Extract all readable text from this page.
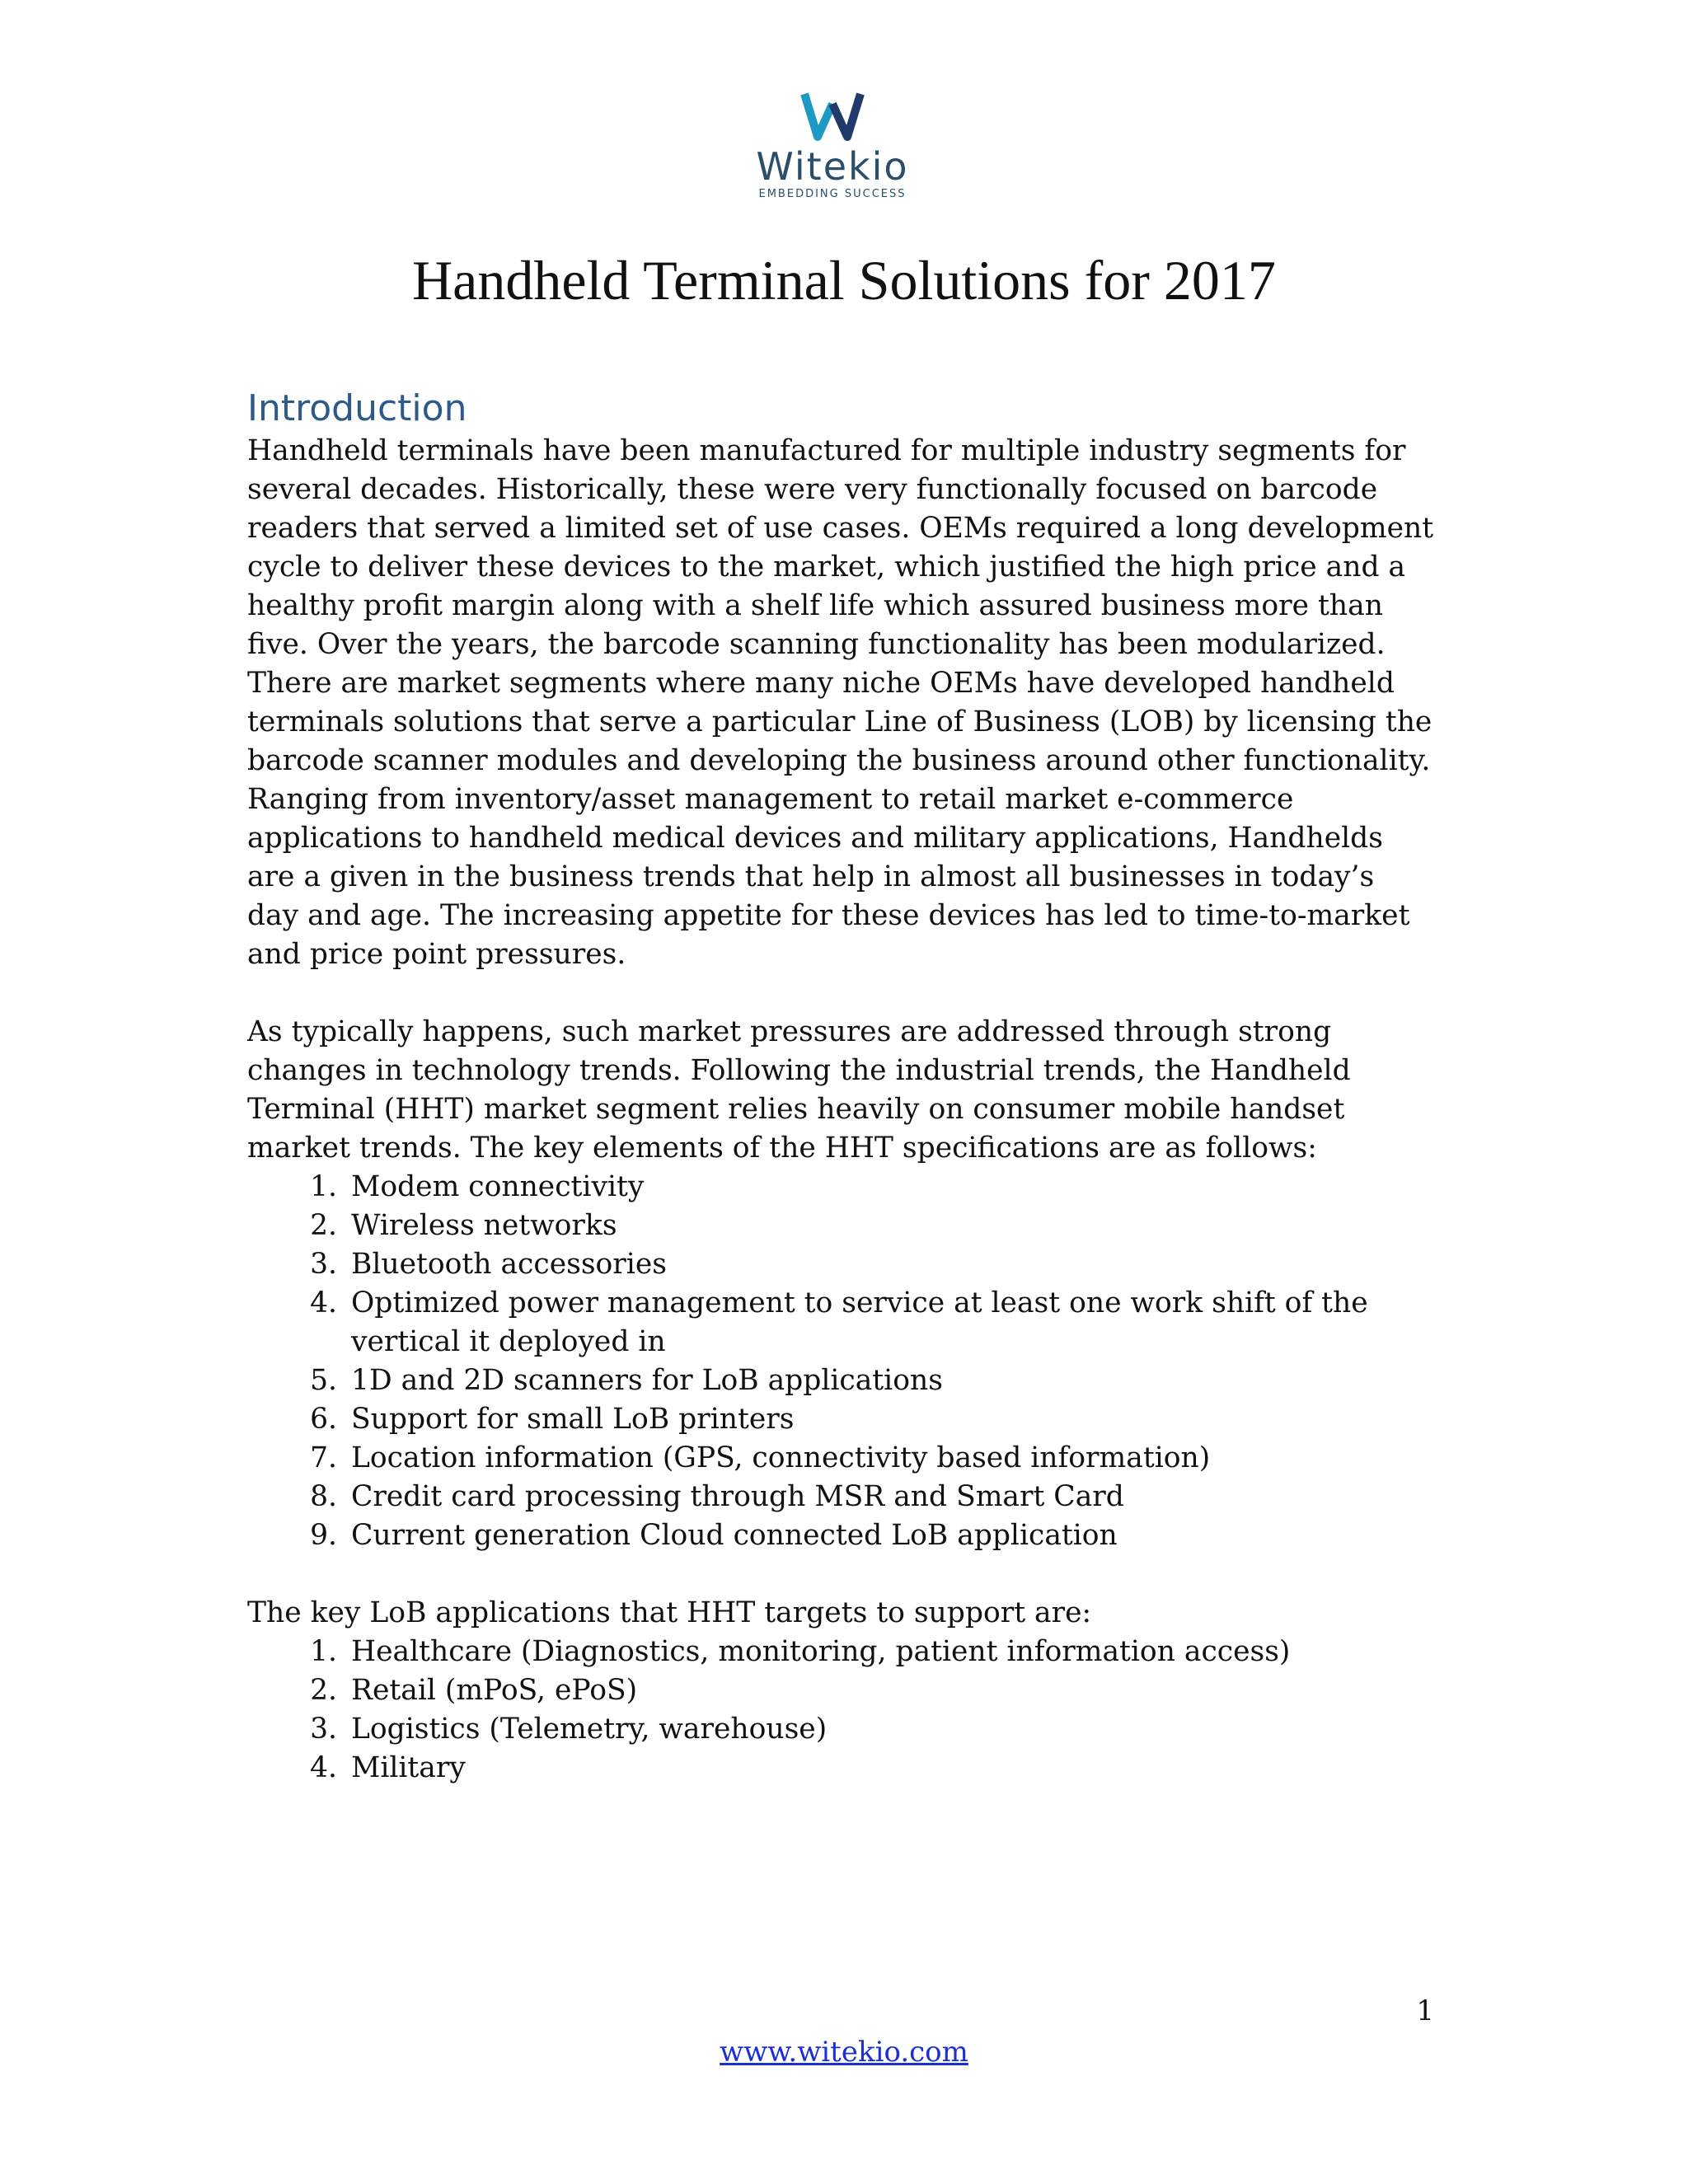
Witekio
EMBEDDING SUCCESS
Handheld Terminal Solutions for 2017
Introduction

Handheld terminals have been manufactured for multiple industry segments for several decades. Historically, these were very functionally focused on barcode readers that served a limited set of use cases. OEMs required a long development cycle to deliver these devices to the market, which justified the high price and a healthy profit margin along with a shelf life which assured business more than five. Over the years, the barcode scanning functionality has been modularized. There are market segments where many niche OEMs have developed handheld terminals solutions that serve a particular Line of Business (LOB) by licensing the barcode scanner modules and developing the business around other functionality. Ranging from inventory/asset management to retail market e-commerce applications to handheld medical devices and military applications, Handhelds are a given in the business trends that help in almost all businesses in today’s day and age. The increasing appetite for these devices has led to time-to-market and price point pressures.

As typically happens, such market pressures are addressed through strong changes in technology trends. Following the industrial trends, the Handheld Terminal (HHT) market segment relies heavily on consumer mobile handset market trends. The key elements of the HHT specifications are as follows:

1. Modem connectivity
2. Wireless networks
3. Bluetooth accessories
4. Optimized power management to service at least one work shift of the vertical it deployed in
5. 1D and 2D scanners for LoB applications
6. Support for small LoB printers
7. Location information (GPS, connectivity based information)
8. Credit card processing through MSR and Smart Card
9. Current generation Cloud connected LoB application

The key LoB applications that HHT targets to support are:

1. Healthcare (Diagnostics, monitoring, patient information access)
2. Retail (mPoS, ePoS)
3. Logistics (Telemetry, warehouse)
4. Military
1
www.witekio.com
